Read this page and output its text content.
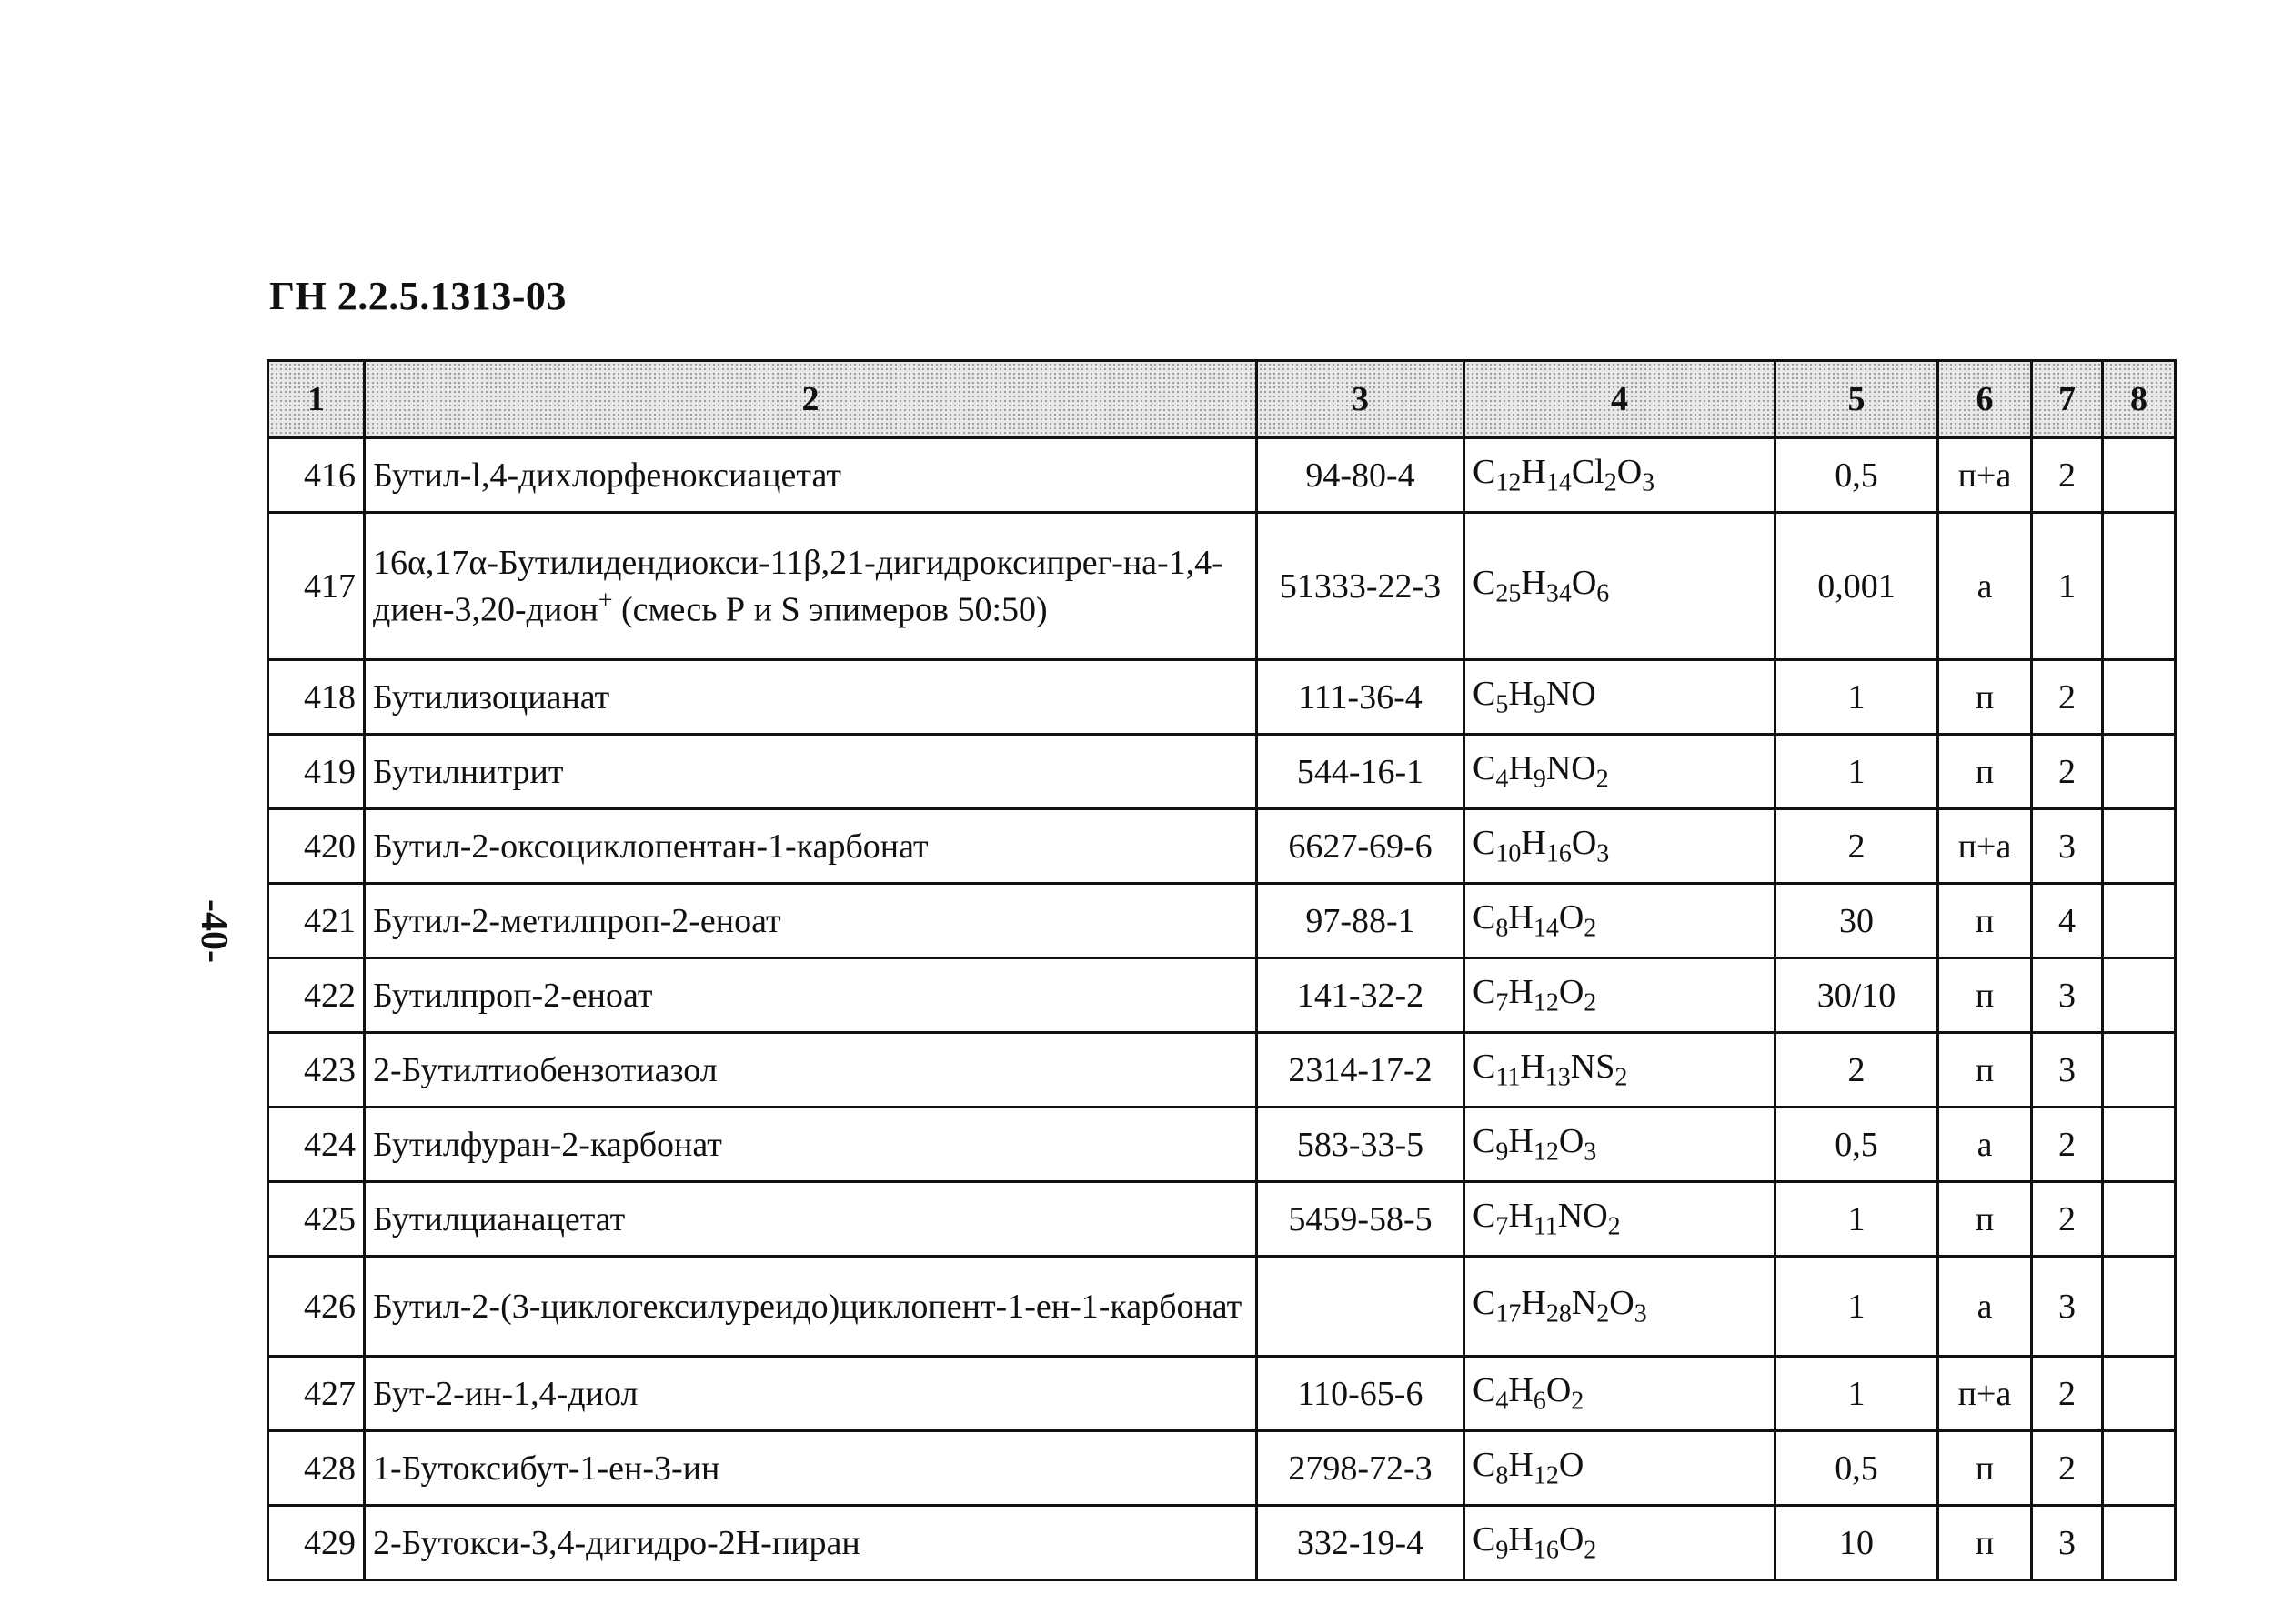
ГН 2.2.5.1313-03
-40-
1	2	3	4	5	6	7	8
416	Бутил-l,4-дихлорфеноксиацетат	94-80-4	$C_{12}H_{14}Cl_2O_3$	0,5	п+а	2	
417	16α,17α-Бутилидендиокси-11β,21-дигидроксипрег-на-1,4-диен-3,20-дион+ (смесь Р и S эпимеров 50:50)	51333-22-3	$C_{25}H_{34}O_6$	0,001	а	1	
418	Бутилизоцианат	111-36-4	$C_5H_9NO$	1	п	2	
419	Бутилнитрит	544-16-1	$C_4H_9NO_2$	1	п	2	
420	Бутил-2-оксоциклопентан-1-карбонат	6627-69-6	$C_{10}H_{16}O_3$	2	п+а	3	
421	Бутил-2-метилпроп-2-еноат	97-88-1	$C_8H_{14}O_2$	30	п	4	
422	Бутилпроп-2-еноат	141-32-2	$C_7H_{12}O_2$	30/10	п	3	
423	2-Бутилтиобензотиазол	2314-17-2	$C_{11}H_{13}NS_2$	2	п	3	
424	Бутилфуран-2-карбонат	583-33-5	$C_9H_{12}O_3$	0,5	а	2	
425	Бутилцианацетат	5459-58-5	$C_7H_{11}NO_2$	1	п	2	
426	Бутил-2-(3-циклогексилуреидо)циклопент-1-ен-1-карбонат		$C_{17}H_{28}N_2O_3$	1	а	3	
427	Бут-2-ин-1,4-диол	110-65-6	$C_4H_6O_2$	1	п+а	2	
428	1-Бутоксибут-1-ен-3-ин	2798-72-3	$C_8H_{12}O$	0,5	п	2	
429	2-Бутокси-3,4-дигидро-2Н-пиран	332-19-4	$C_9H_{16}O_2$	10	п	3	
